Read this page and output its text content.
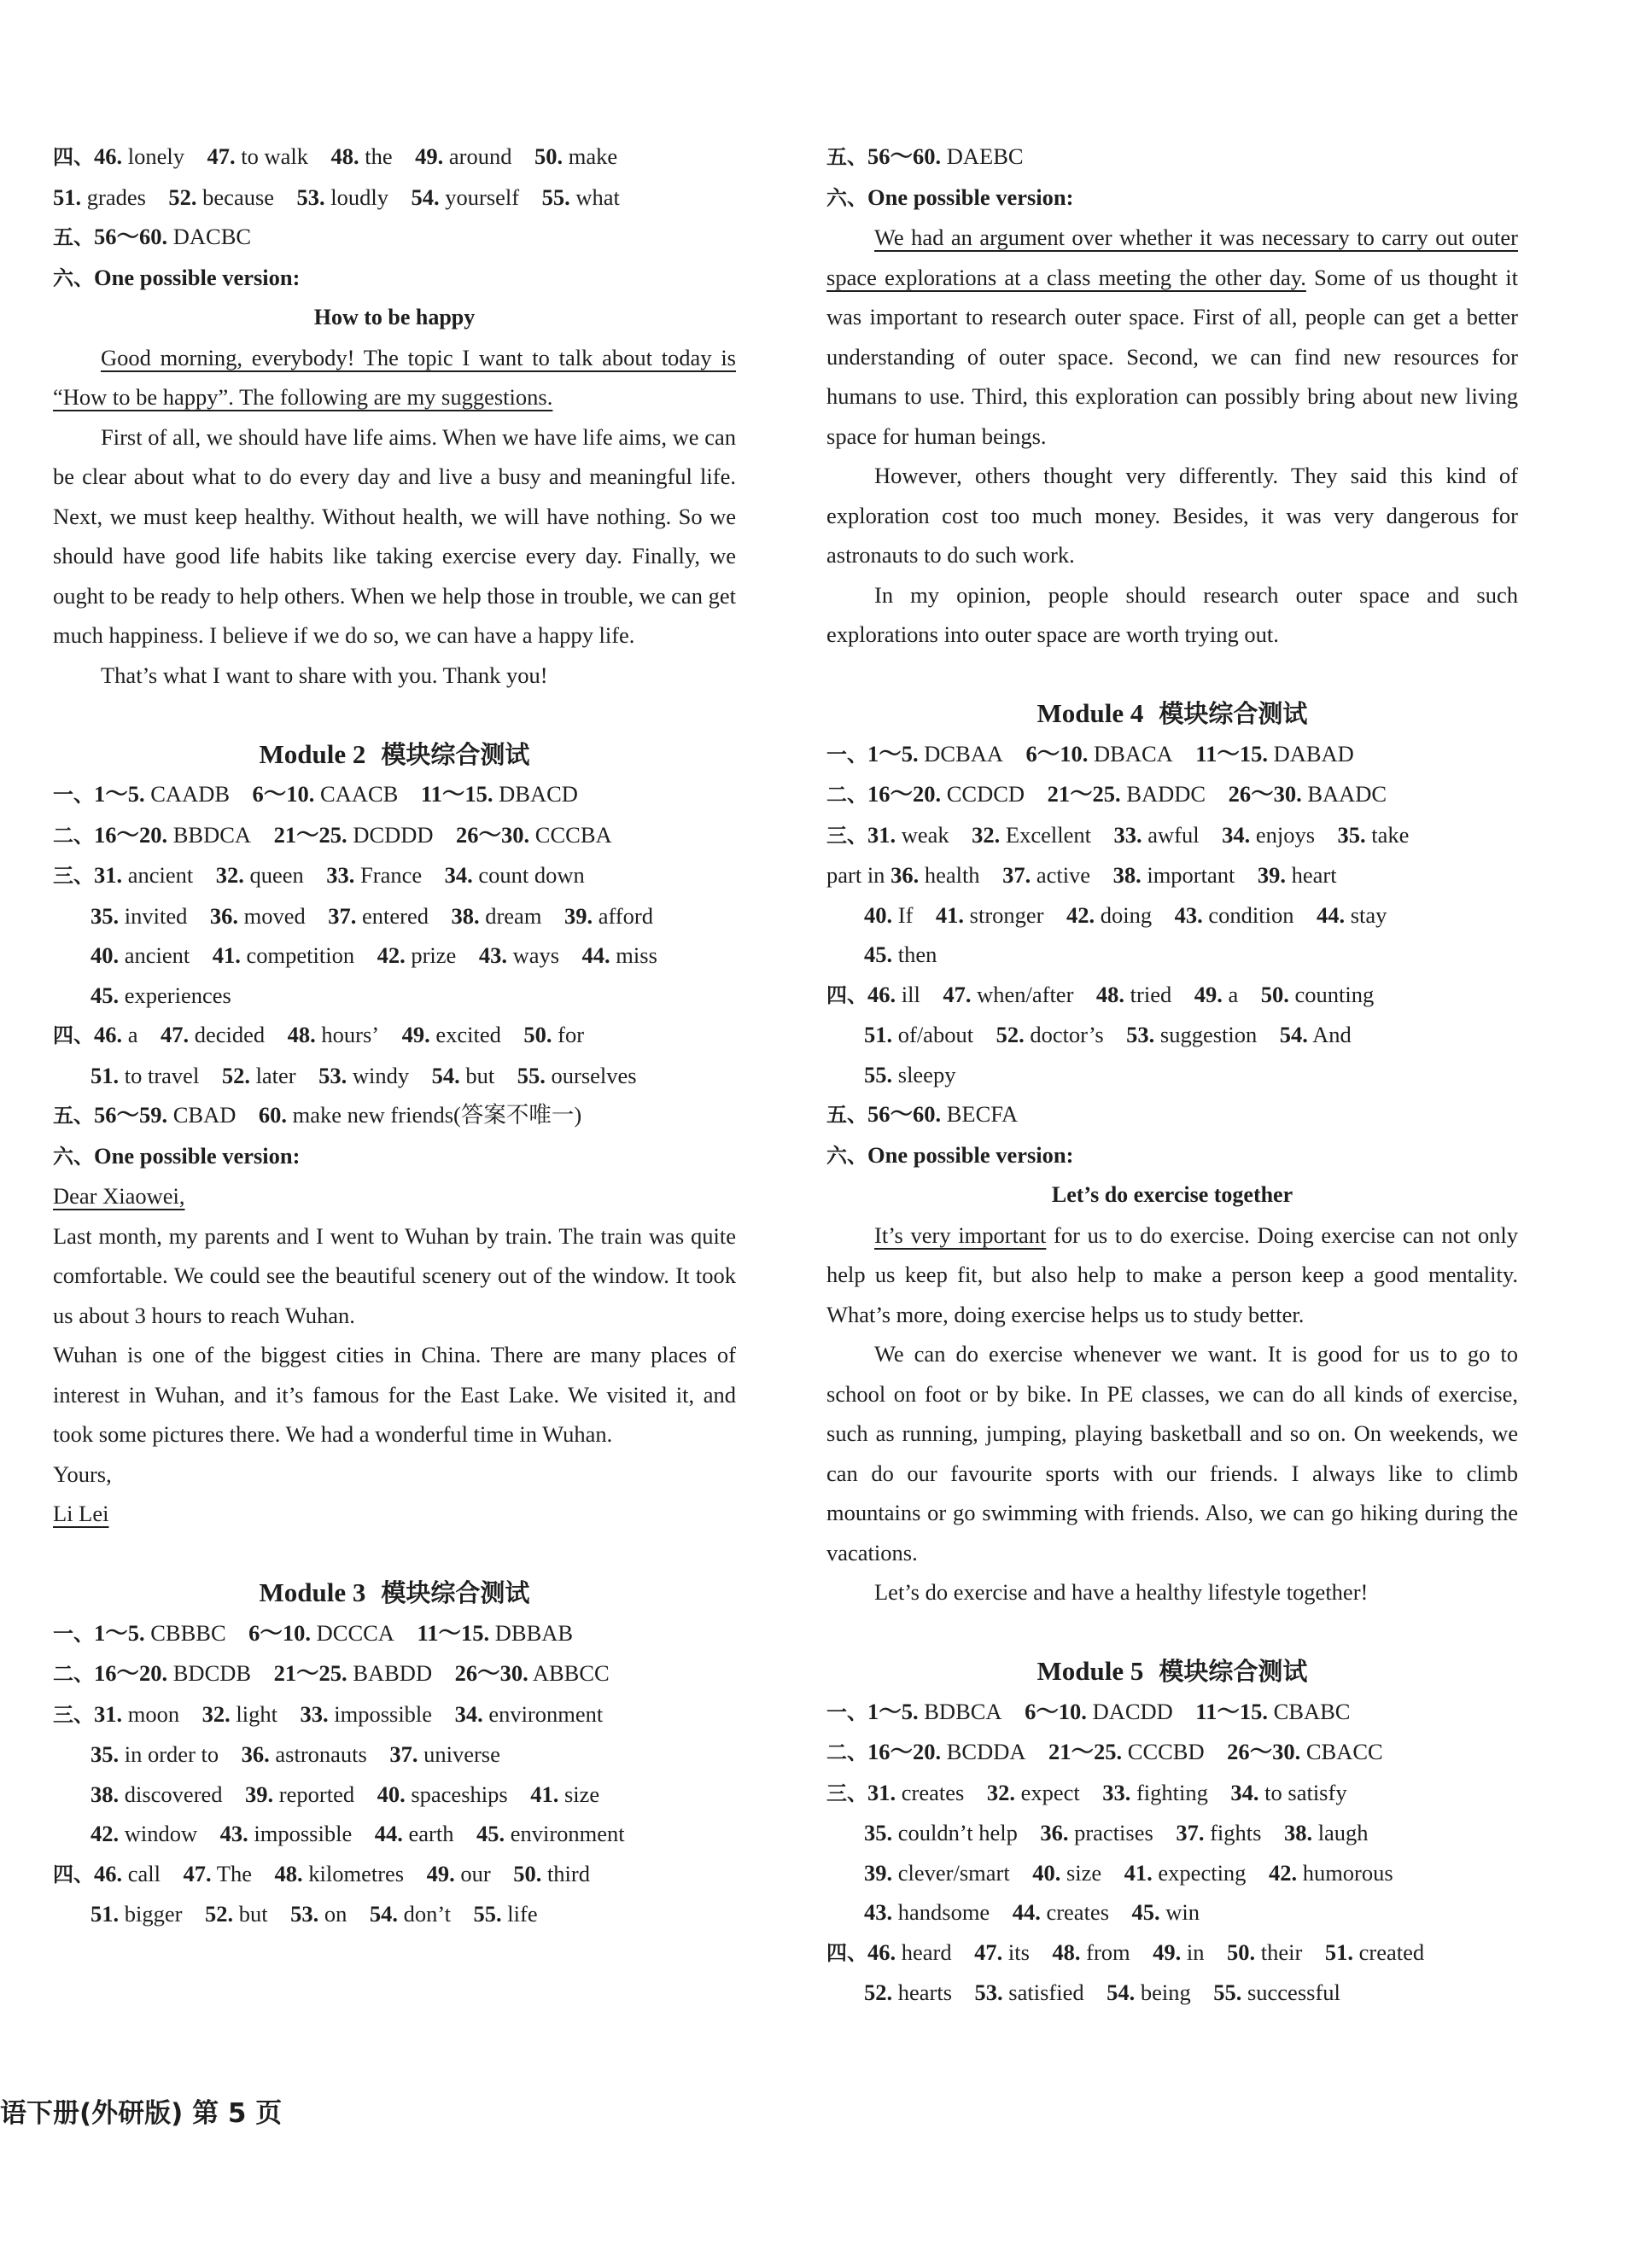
四、46. lonely  47. to walk  48. the  49. around  50. make
51. grades  52. because  53. loudly  54. yourself  55. what
五、56～60. DACBC
六、One possible version:
How to be happy

Good morning, everybody! The topic I want to talk about today is “How to be happy”. The following are my suggestions.

First of all, we should have life aims. When we have life aims, we can be clear about what to do every day and live a busy and meaningful life. Next, we must keep healthy. Without health, we will have nothing. So we should have good life habits like taking exercise every day. Finally, we ought to be ready to help others. When we help those in trouble, we can get much happiness. I believe if we do so, we can have a happy life.

That’s what I want to share with you. Thank you!

Module 2 模块综合测试
一、1～5. CAADB  6～10. CAACB  11～15. DBACD
二、16～20. BBDCA  21～25. DCDDD  26～30. CCCBA
三、31. ancient  32. queen  33. France  34. count down
35. invited  36. moved  37. entered  38. dream  39. afford
40. ancient  41. competition  42. prize  43. ways  44. miss
45. experiences
四、46. a  47. decided  48. hours’  49. excited  50. for
51. to travel  52. later  53. windy  54. but  55. ourselves
五、56～59. CBAD  60. make new friends(答案不唯一)
六、One possible version:

Dear Xiaowei,

Last month, my parents and I went to Wuhan by train. The train was quite comfortable. We could see the beautiful scenery out of the window. It took us about 3 hours to reach Wuhan.

Wuhan is one of the biggest cities in China. There are many places of interest in Wuhan, and it’s famous for the East Lake. We visited it, and took some pictures there. We had a wonderful time in Wuhan.

Yours,

Li Lei

Module 3 模块综合测试
一、1～5. CBBBC  6～10. DCCCA  11～15. DBBAB
二、16～20. BDCDB  21～25. BABDD  26～30. ABBCC
三、31. moon  32. light  33. impossible  34. environment
35. in order to  36. astronauts  37. universe
38. discovered  39. reported  40. spaceships  41. size
42. window  43. impossible  44. earth  45. environment
四、46. call  47. The  48. kilometres  49. our  50. third
51. bigger  52. but  53. on  54. don’t  55. life
五、56～60. DAEBC
六、One possible version:

We had an argument over whether it was necessary to carry out outer space explorations at a class meeting the other day. Some of us thought it was important to research outer space. First of all, people can get a better understanding of outer space. Second, we can find new resources for humans to use. Third, this exploration can possibly bring about new living space for human beings.

However, others thought very differently. They said this kind of exploration cost too much money. Besides, it was very dangerous for astronauts to do such work.

In my opinion, people should research outer space and such explorations into outer space are worth trying out.

Module 4 模块综合测试
一、1～5. DCBAA  6～10. DBACA  11～15. DABAD
二、16～20. CCDCD  21～25. BADDC  26～30. BAADC
三、31. weak  32. Excellent  33. awful  34. enjoys  35. take
part in 36. health  37. active  38. important  39. heart
40. If  41. stronger  42. doing  43. condition  44. stay
45. then
四、46. ill  47. when/after  48. tried  49. a  50. counting
51. of/about  52. doctor’s  53. suggestion  54. And
55. sleepy
五、56～60. BECFA
六、One possible version:
Let’s do exercise together

It’s very important for us to do exercise. Doing exercise can not only help us keep fit, but also help to make a person keep a good mentality. What’s more, doing exercise helps us to study better.

We can do exercise whenever we want. It is good for us to go to school on foot or by bike. In PE classes, we can do all kinds of exercise, such as running, jumping, playing basketball and so on. On weekends, we can do our favourite sports with our friends. I always like to climb mountains or go swimming with friends. Also, we can go hiking during the vacations.

Let’s do exercise and have a healthy lifestyle together!

Module 5 模块综合测试
一、1～5. BDBCA  6～10. DACDD  11～15. CBABC
二、16～20. BCDDA  21～25. CCCBD  26～30. CBACC
三、31. creates  32. expect  33. fighting  34. to satisfy
35. couldn’t help  36. practises  37. fights  38. laugh
39. clever/smart  40. size  41. expecting  42. humorous
43. handsome  44. creates  45. win
四、46. heard  47. its  48. from  49. in  50. their  51. created
52. hearts  53. satisfied  54. being  55. successful
语下册(外研版) 第 5 页
